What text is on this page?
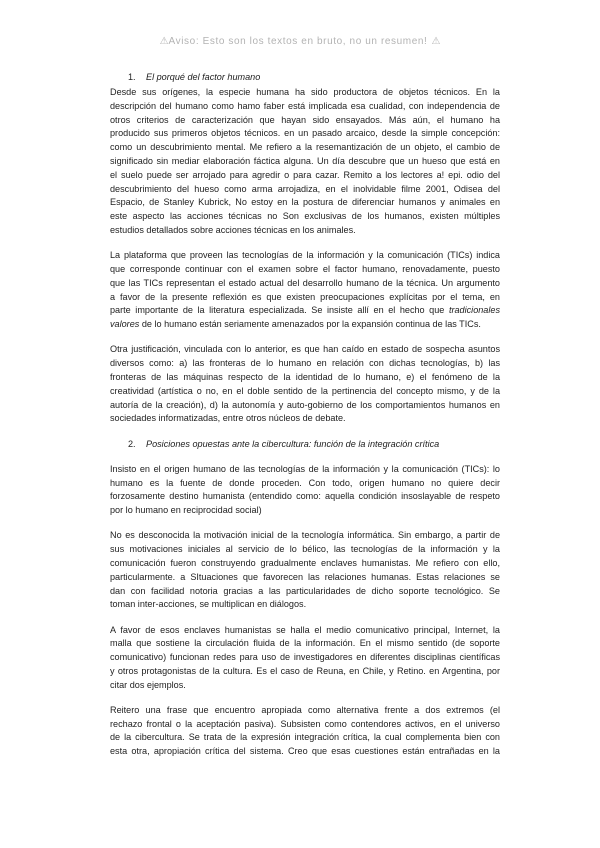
⚠ Aviso: Esto son los textos en bruto, no un resumen!⚠
1. El porqué del factor humano
Desde sus orígenes, la especie humana ha sido productora de objetos técnicos. En la
descripción del humano como hamo faber está implicada esa cualidad, con independencia de
otros criterios de caracterización que hayan sido ensayados. Más aún, el humano ha
producido sus primeros objetos técnicos. en un pasado arcaico, desde la simple concepción:
como un descubrimiento mental. Me refiero a la resemantización de un objeto, el cambio de
significado sin mediar elaboración fáctica alguna. Un día descubre que un hueso que está en
el suelo puede ser arrojado para agredir o para cazar. Remito a los lectores a! epi. odio del
descubrimiento del hueso como arma arrojadiza, en el inolvidable filme 2001, Odisea del
Espacio, de Stanley Kubrick, No estoy en la postura de diferenciar humanos y animales en
este aspecto las acciones técnicas no Son exclusivas de los humanos, existen múltiples
estudios detallados sobre acciones técnicas en los animales.
La plataforma que proveen las tecnologías de la información y la comunicación (TICs) indica
que corresponde continuar con el examen sobre el factor humano, renovadamente, puesto
que las TICs representan el estado actual del desarrollo humano de la técnica. Un argumento
a favor de la presente reflexión es que existen preocupaciones explícitas por el tema, en
parte importante de la literatura especializada. Se insiste allí en el hecho que tradicionales
valores de lo humano están seriamente amenazados por la expansión continua de las TICs.
Otra justificación, vinculada con lo anterior, es que han caído en estado de sospecha asuntos
diversos como: a) las fronteras de lo humano en relación con dichas tecnologías, b) las
fronteras de las máquinas respecto de la identidad de lo humano, e) el fenómeno de la
creatividad (artística o no, en el doble sentido de la pertinencia del concepto mismo, y de la
autoría de la creación), d) la autonomía y auto-gobierno de los comportamientos humanos en
sociedades informatizadas, entre otros núcleos de debate.
2. Posiciones opuestas ante la cibercultura: función de la integración crítica
Insisto en el origen humano de las tecnologías de la información y la comunicación (TICs): lo
humano es la fuente de donde proceden. Con todo, origen humano no quiere decir
forzosamente destino humanista (entendido como: aquella condición insoslayable de respeto
por lo humano en reciprocidad social)
No es desconocida la motivación inicial de la tecnología informática. Sin embargo, a partir de
sus motivaciones iniciales al servicio de lo bélico, las tecnologías de la información y la
comunicación fueron construyendo gradualmente enclaves humanistas. Me refiero con ello,
particularmente. a SItuaciones que favorecen las relaciones humanas. Estas relaciones se
dan con facilidad notoria gracias a las particularidades de dicho soporte tecnológico. Se
toman inter-acciones, se multiplican en diálogos.
A favor de esos enclaves humanistas se halla el medio comunicativo principal, Internet, la
malla que sostiene la circulación fluida de la información. En el mismo sentido (de soporte
comunicativo) funcionan redes para uso de investigadores en diferentes disciplinas científicas
y otros protagonistas de la cultura. Es el caso de Reuna, en Chile, y Retino. en Argentina, por
citar dos ejemplos.
Reitero una frase que encuentro apropiada como alternativa frente a dos extremos (el
rechazo frontal o la aceptación pasiva). Subsisten como contendores activos, en el universo
de la cibercultura. Se trata de la expresión integración crítica, la cual complementa bien con
esta otra, apropiación crítica del sistema. Creo que esas cuestiones están entrañadas en la
